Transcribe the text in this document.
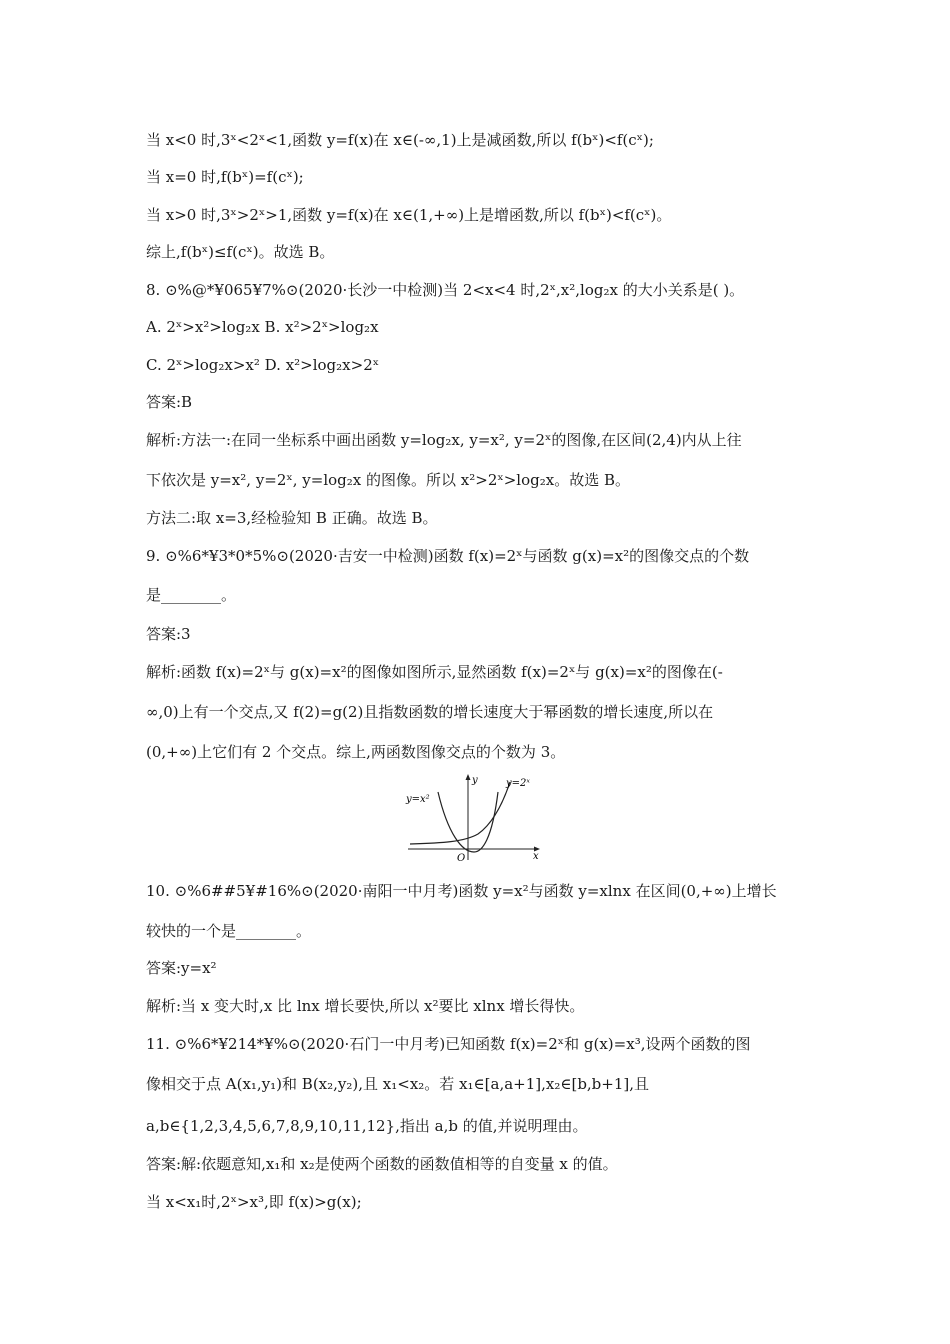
当 x<0 时,3ˣ<2ˣ<1,函数 y=f(x)在 x∈(-∞,1)上是减函数,所以 f(bˣ)<f(cˣ);
当 x=0 时,f(bˣ)=f(cˣ);
当 x>0 时,3ˣ>2ˣ>1,函数 y=f(x)在 x∈(1,+∞)上是增函数,所以 f(bˣ)<f(cˣ)。
综上,f(bˣ)≤f(cˣ)。故选 B。
8. ⊙%@*¥065¥7%⊙(2020·长沙一中检测)当 2<x<4 时,2ˣ,x²,log₂x 的大小关系是( )。
A. 2ˣ>x²>log₂x B. x²>2ˣ>log₂x
C. 2ˣ>log₂x>x² D. x²>log₂x>2ˣ
答案:B
解析:方法一:在同一坐标系中画出函数 y=log₂x, y=x², y=2ˣ的图像,在区间(2,4)内从上往
下依次是 y=x², y=2ˣ, y=log₂x 的图像。所以 x²>2ˣ>log₂x。故选 B。
方法二:取 x=3,经检验知 B 正确。故选 B。
9. ⊙%6*¥3*0*5%⊙(2020·吉安一中检测)函数 f(x)=2ˣ与函数 g(x)=x²的图像交点的个数
是________。
答案:3
解析:函数 f(x)=2ˣ与 g(x)=x²的图像如图所示,显然函数 f(x)=2ˣ与 g(x)=x²的图像在(-
∞,0)上有一个交点,又 f(2)=g(2)且指数函数的增长速度大于幂函数的增长速度,所以在
(0,+∞)上它们有 2 个交点。综上,两函数图像交点的个数为 3。
y=x²
y=2ˣ
y
x
O
10. ⊙%6##5¥#16%⊙(2020·南阳一中月考)函数 y=x²与函数 y=xlnx 在区间(0,+∞)上增长
较快的一个是________。
答案:y=x²
解析:当 x 变大时,x 比 lnx 增长要快,所以 x²要比 xlnx 增长得快。
11. ⊙%6*¥214*¥%⊙(2020·石门一中月考)已知函数 f(x)=2ˣ和 g(x)=x³,设两个函数的图
像相交于点 A(x₁,y₁)和 B(x₂,y₂),且 x₁<x₂。若 x₁∈[a,a+1],x₂∈[b,b+1],且
a,b∈{1,2,3,4,5,6,7,8,9,10,11,12},指出 a,b 的值,并说明理由。
答案:解:依题意知,x₁和 x₂是使两个函数的函数值相等的自变量 x 的值。
当 x<x₁时,2ˣ>x³,即 f(x)>g(x);
